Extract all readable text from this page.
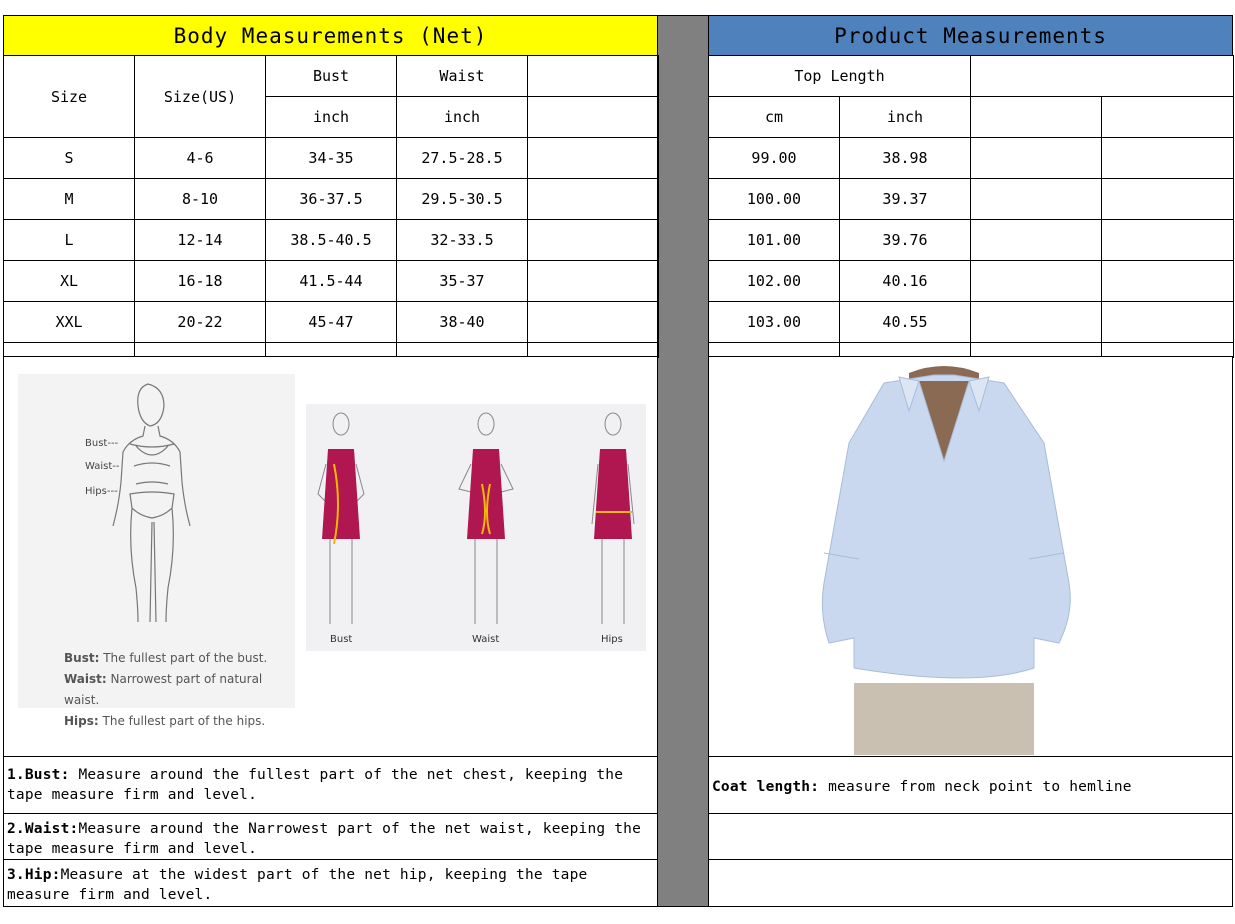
Body Measurements (Net)	Product Measurements
Size	Size(US)	Bust	Waist	
		inch	inch	
S	4-6	34-35	27.5-28.5	
M	8-10	36-37.5	29.5-30.5	
L	12-14	38.5-40.5	32-33.5	
XL	16-18	41.5-44	35-37	
XXL	20-22	45-47	38-40	

Top Length			
cm	inch		
99.00	38.98		
100.00	39.37		
101.00	39.76		
102.00	40.16		
103.00	40.55		

Bust---
Waist--
Hips---
Bust: The fullest part of the bust.
Waist: Narrowest part of natural waist.
Hips: The fullest part of the hips.
Bust	Waist	Hips
1.Bust: Measure around the fullest part of the net chest, keeping the tape measure firm and level.
2.Waist:Measure around the Narrowest part of the net waist, keeping the tape measure firm and level.
3.Hip:Measure at the widest part of the net hip, keeping the tape measure firm and level.
Coat length: measure from neck point to hemline
